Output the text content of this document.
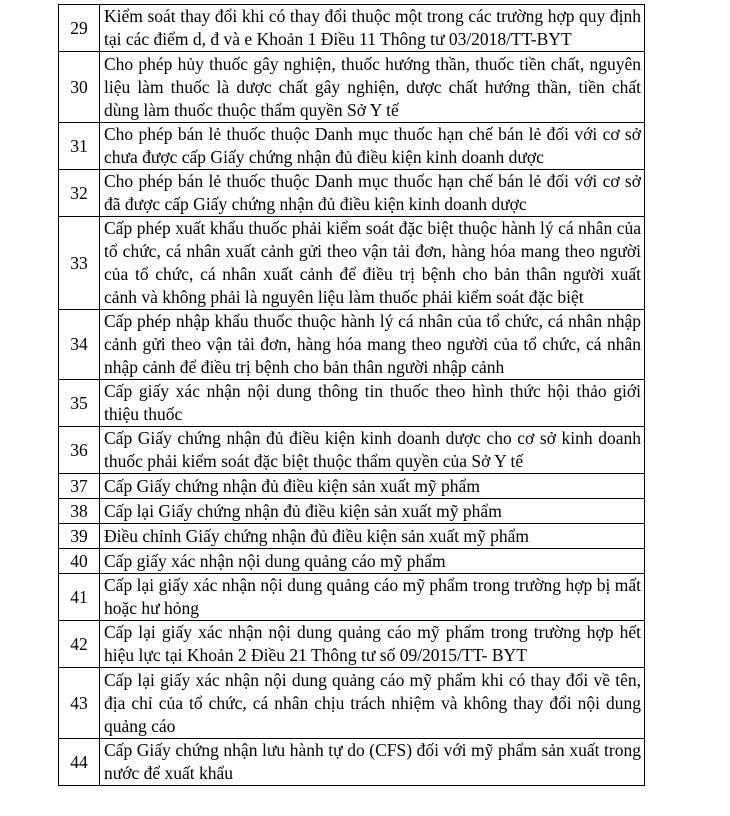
29	Kiểm soát thay đổi khi có thay đổi thuộc một trong các trường hợp quy định tại các điểm d, đ và e Khoản 1 Điều 11 Thông tư 03/2018/TT-BYT
30	Cho phép hủy thuốc gây nghiện, thuốc hướng thần, thuốc tiền chất, nguyên liệu làm thuốc là dược chất gây nghiện, dược chất hướng thần, tiền chất dùng làm thuốc thuộc thẩm quyền Sở Y tế
31	Cho phép bán lẻ thuốc thuộc Danh mục thuốc hạn chế bán lẻ đối với cơ sở chưa được cấp Giấy chứng nhận đủ điều kiện kinh doanh dược
32	Cho phép bán lẻ thuốc thuộc Danh mục thuốc hạn chế bán lẻ đối với cơ sở đã được cấp Giấy chứng nhận đủ điều kiện kinh doanh dược
33	Cấp phép xuất khẩu thuốc phải kiểm soát đặc biệt thuộc hành lý cá nhân của tổ chức, cá nhân xuất cảnh gửi theo vận tải đơn, hàng hóa mang theo người của tổ chức, cá nhân xuất cảnh để điều trị bệnh cho bản thân người xuất cảnh và không phải là nguyên liệu làm thuốc phải kiểm soát đặc biệt
34	Cấp phép nhập khẩu thuốc thuộc hành lý cá nhân của tổ chức, cá nhân nhập cảnh gửi theo vận tải đơn, hàng hóa mang theo người của tổ chức, cá nhân nhập cảnh để điều trị bệnh cho bản thân người nhập cảnh
35	Cấp giấy xác nhận nội dung thông tin thuốc theo hình thức hội thảo giới thiệu thuốc
36	Cấp Giấy chứng nhận đủ điều kiện kinh doanh dược cho cơ sở kinh doanh thuốc phải kiểm soát đặc biệt thuộc thẩm quyền của Sở Y tế
37	Cấp Giấy chứng nhận đủ điều kiện sản xuất mỹ phẩm
38	Cấp lại Giấy chứng nhận đủ điều kiện sản xuất mỹ phẩm
39	Điều chỉnh Giấy chứng nhận đủ điều kiện sản xuất mỹ phẩm
40	Cấp giấy xác nhận nội dung quảng cáo mỹ phẩm
41	Cấp lại giấy xác nhận nội dung quảng cáo mỹ phẩm trong trường hợp bị mất hoặc hư hỏng
42	Cấp lại giấy xác nhận nội dung quảng cáo mỹ phẩm trong trường hợp hết hiệu lực tại Khoản 2 Điều 21 Thông tư số 09/2015/TT- BYT
43	Cấp lại giấy xác nhận nội dung quảng cáo mỹ phẩm khi có thay đổi về tên, địa chỉ của tổ chức, cá nhân chịu trách nhiệm và không thay đổi nội dung quảng cáo
44	Cấp Giấy chứng nhận lưu hành tự do (CFS) đối với mỹ phẩm sản xuất trong nước để xuất khẩu
